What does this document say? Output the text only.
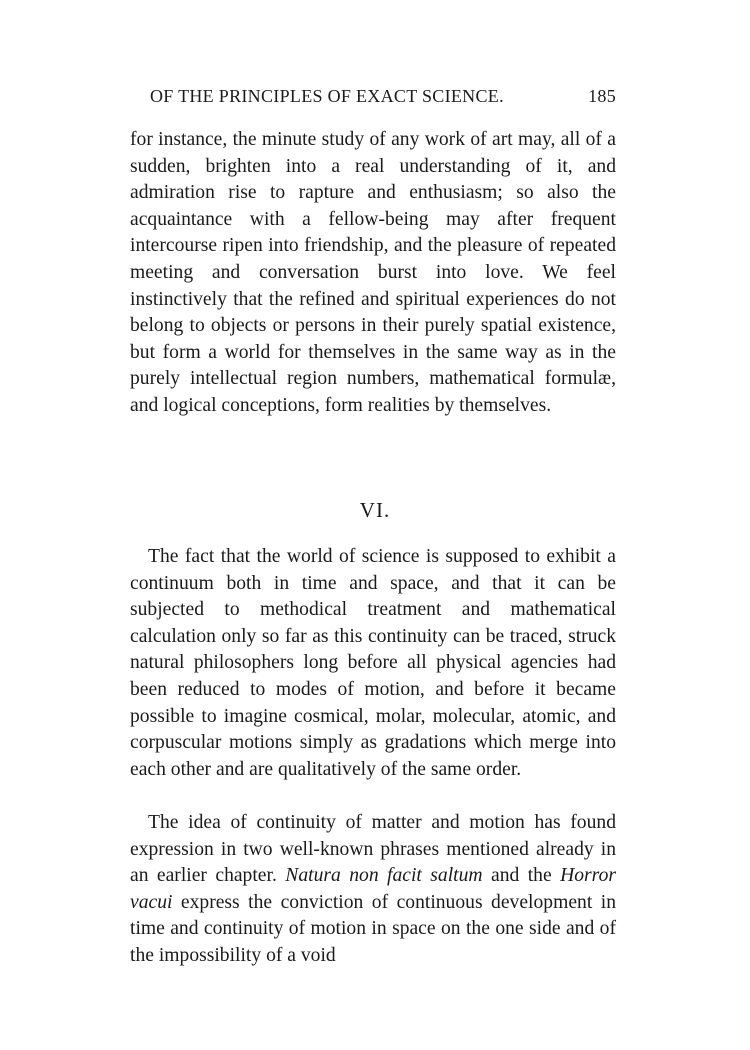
OF THE PRINCIPLES OF EXACT SCIENCE.	185
for instance, the minute study of any work of art may, all of a sudden, brighten into a real understanding of it, and admiration rise to rapture and enthusiasm; so also the acquaintance with a fellow-being may after frequent intercourse ripen into friendship, and the pleasure of repeated meeting and conversation burst into love. We feel instinctively that the refined and spiritual experiences do not belong to objects or persons in their purely spatial existence, but form a world for themselves in the same way as in the purely intellectual region numbers, mathematical formulæ, and logical conceptions, form realities by themselves.
VI.
The fact that the world of science is supposed to exhibit a continuum both in time and space, and that it can be subjected to methodical treatment and mathematical calculation only so far as this continuity can be traced, struck natural philosophers long before all physical agencies had been reduced to modes of motion, and before it became possible to imagine cosmical, molar, molecular, atomic, and corpuscular motions simply as gradations which merge into each other and are qualitatively of the same order.
The idea of continuity of matter and motion has found expression in two well-known phrases mentioned already in an earlier chapter. Natura non facit saltum and the Horror vacui express the conviction of continuous development in time and continuity of motion in space on the one side and of the impossibility of a void
